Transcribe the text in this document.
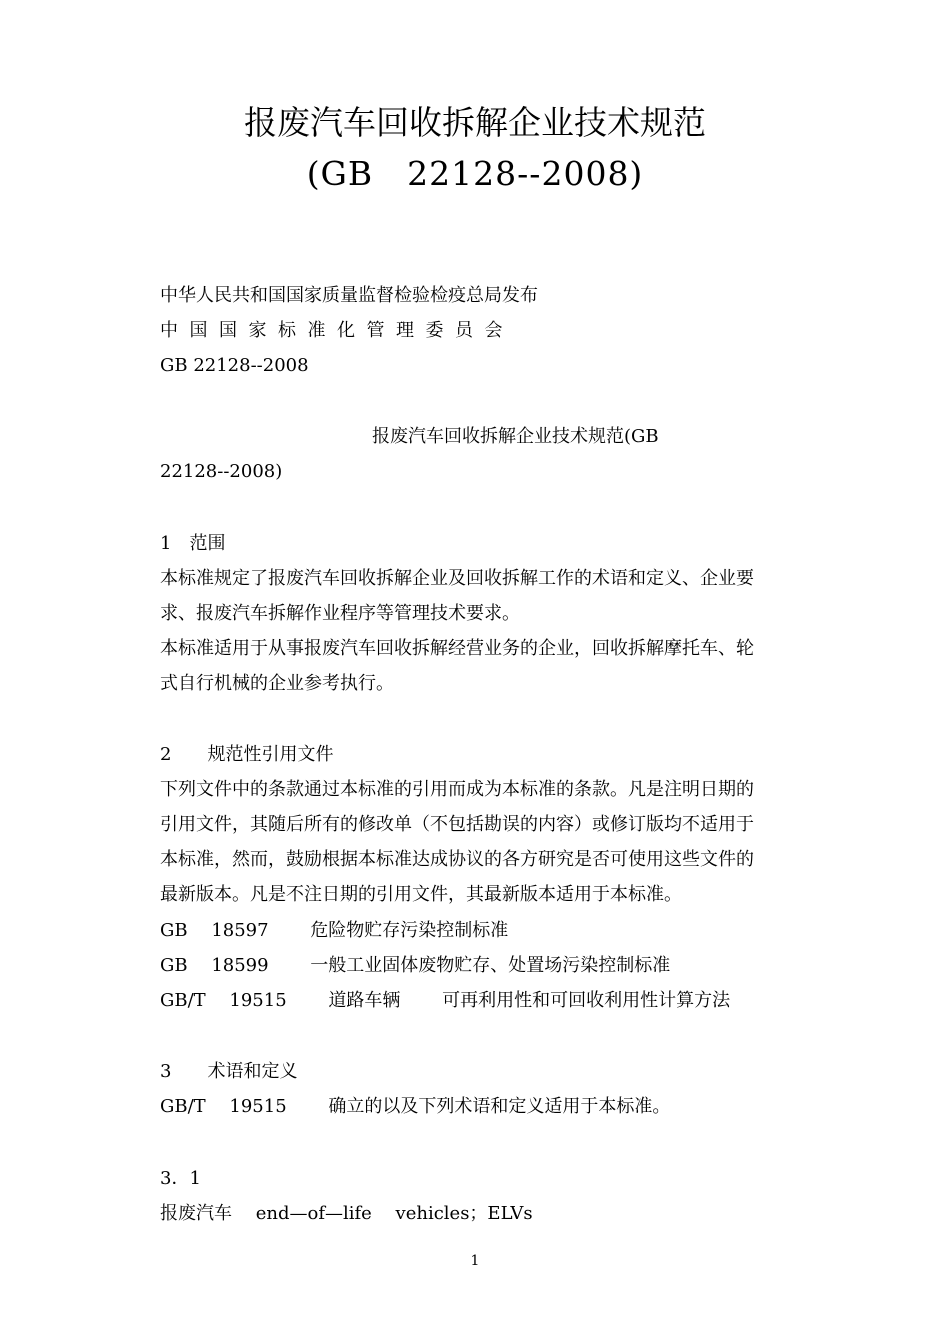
报废汽车回收拆解企业技术规范
(GB　22128--2008)
中华人民共和国国家质量监督检验检疫总局发布
中国国家标准化管理委员会
GB 22128--2008
报废汽车回收拆解企业技术规范(GB
22128--2008)
1　范围
本标准规定了报废汽车回收拆解企业及回收拆解工作的术语和定义、企业要
求、报废汽车拆解作业程序等管理技术要求。
本标准适用于从事报废汽车回收拆解经营业务的企业，回收拆解摩托车、轮
式自行机械的企业参考执行。
2　　规范性引用文件
下列文件中的条款通过本标准的引用而成为本标准的条款。凡是注明日期的
引用文件，其随后所有的修改单（不包括勘误的内容）或修订版均不适用于
本标准，然而，鼓励根据本标准达成协议的各方研究是否可使用这些文件的
最新版本。凡是不注日期的引用文件，其最新版本适用于本标准。
GB　 18597　　 危险物贮存污染控制标准
GB　 18599　　 一般工业固体废物贮存、处置场污染控制标准
GB/T　 19515　　 道路车辆　　 可再利用性和可回收利用性计算方法
3　　术语和定义
GB/T　 19515　　 确立的以及下列术语和定义适用于本标准。
3．1
报废汽车　 end—of—life　 vehicles；ELVs
1
